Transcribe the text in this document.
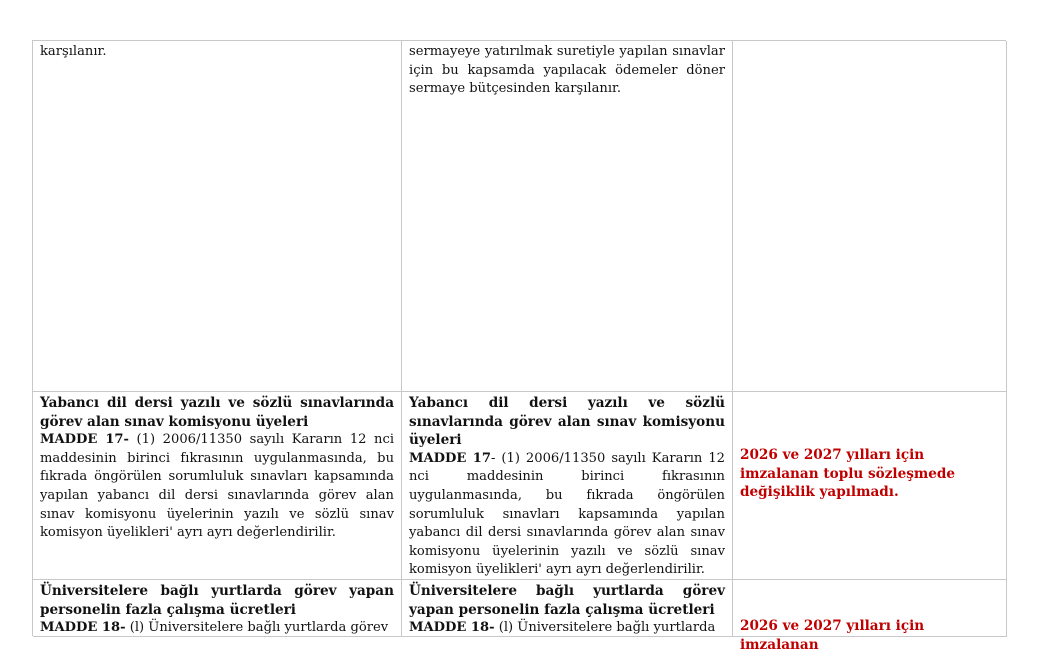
karşılanır.	sermayeye yatırılmak suretiyle yapılan sınavlar için bu kapsamda yapılacak ödemeler döner sermaye bütçesinden karşılanır.
Yabancı dil dersi yazılı ve sözlü sınavlarında görev alan sınav komisyonu üyeleri
MADDE 17- (1) 2006/11350 sayılı Kararın 12 nci maddesinin birinci fıkrasının uygulanmasında, bu fıkrada öngörülen sorumluluk sınavları kapsamında yapılan yabancı dil dersi sınavlarında görev alan sınav komisyonu üyelerinin yazılı ve sözlü sınav komisyon üyelikleri' ayrı ayrı değerlendirilir.
Yabancı dil dersi yazılı ve sözlü sınavlarında görev alan sınav komisyonu üyeleri
MADDE 17- (1) 2006/11350 sayılı Kararın 12 nci maddesinin birinci fıkrasının uygulanmasında, bu fıkrada öngörülen sorumluluk sınavları kapsamında yapılan yabancı dil dersi sınavlarında görev alan sınav komisyonu üyelerinin yazılı ve sözlü sınav komisyon üyelikleri' ayrı ayrı değerlendirilir.
2026 ve 2027 yılları için imzalanan toplu sözleşmede değişiklik yapılmadı.
Üniversitelere bağlı yurtlarda görev yapan personelin fazla çalışma ücretleri
MADDE 18- (l) Üniversitelere bağlı yurtlarda görev
Üniversitelere bağlı yurtlarda görev yapan personelin fazla çalışma ücretleri
MADDE 18- (l) Üniversitelere bağlı yurtlarda	2026 ve 2027 yılları için imzalanan
